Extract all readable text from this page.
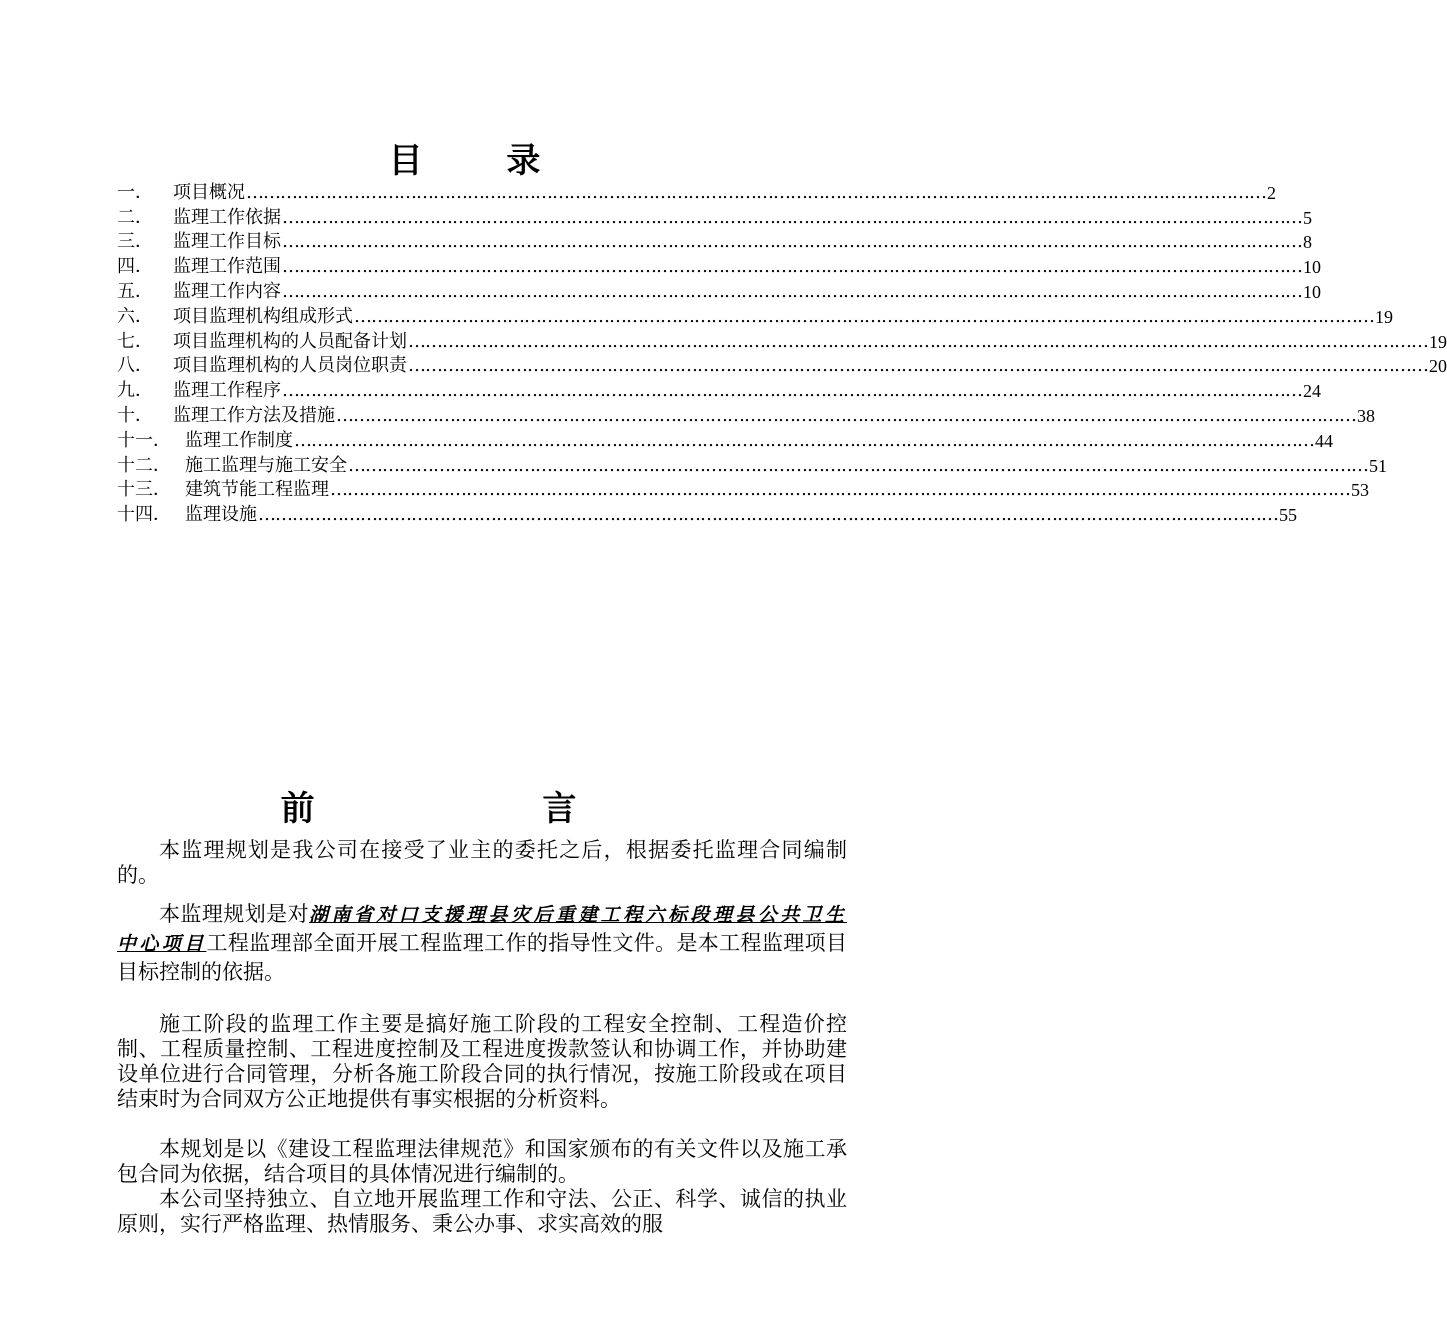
目 录
一．	项目概况 ……………………………………………………………………………………………………………………………………………………………… 2
二．	监理工作依据 ……………………………………………………………………………………………………………………………………………………………… 5
三．	监理工作目标 ……………………………………………………………………………………………………………………………………………………………… 8
四．	监理工作范围 ……………………………………………………………………………………………………………………………………………………………… 10
五．	监理工作内容 ……………………………………………………………………………………………………………………………………………………………… 10
六．	项目监理机构组成形式 ……………………………………………………………………………………………………………………………………………………………… 19
七．	项目监理机构的人员配备计划 ……………………………………………………………………………………………………………………………………………………………… 19
八．	项目监理机构的人员岗位职责 ……………………………………………………………………………………………………………………………………………………………… 20
九．	监理工作程序 ……………………………………………………………………………………………………………………………………………………………… 24
十．	监理工作方法及措施 ……………………………………………………………………………………………………………………………………………………………… 38
十一． 监理工作制度 ……………………………………………………………………………………………………………………………………………………………… 44
十二． 施工监理与施工安全 ……………………………………………………………………………………………………………………………………………………………… 51
十三． 建筑节能工程监理 ……………………………………………………………………………………………………………………………………………………………… 53
十四． 监理设施 ……………………………………………………………………………………………………………………………………………………………… 55
前 言

本监理规划是我公司在接受了业主的委托之后，根据委托监理合同编制的。

本监理规划是对湖南省对口支援理县灾后重建工程六标段理县公共卫生中心项目工程监理部全面开展工程监理工作的指导性文件。是本工程监理项目目标控制的依据。

施工阶段的监理工作主要是搞好施工阶段的工程安全控制、工程造价控制、工程质量控制、工程进度控制及工程进度拨款签认和协调工作，并协助建设单位进行合同管理，分析各施工阶段合同的执行情况，按施工阶段或在项目结束时为合同双方公正地提供有事实根据的分析资料。

本规划是以《建设工程监理法律规范》和国家颁布的有关文件以及施工承包合同为依据，结合项目的具体情况进行编制的。

本公司坚持独立、自立地开展监理工作和守法、公正、科学、诚信的执业原则，实行严格监理、热情服务、秉公办事、求实高效的服
